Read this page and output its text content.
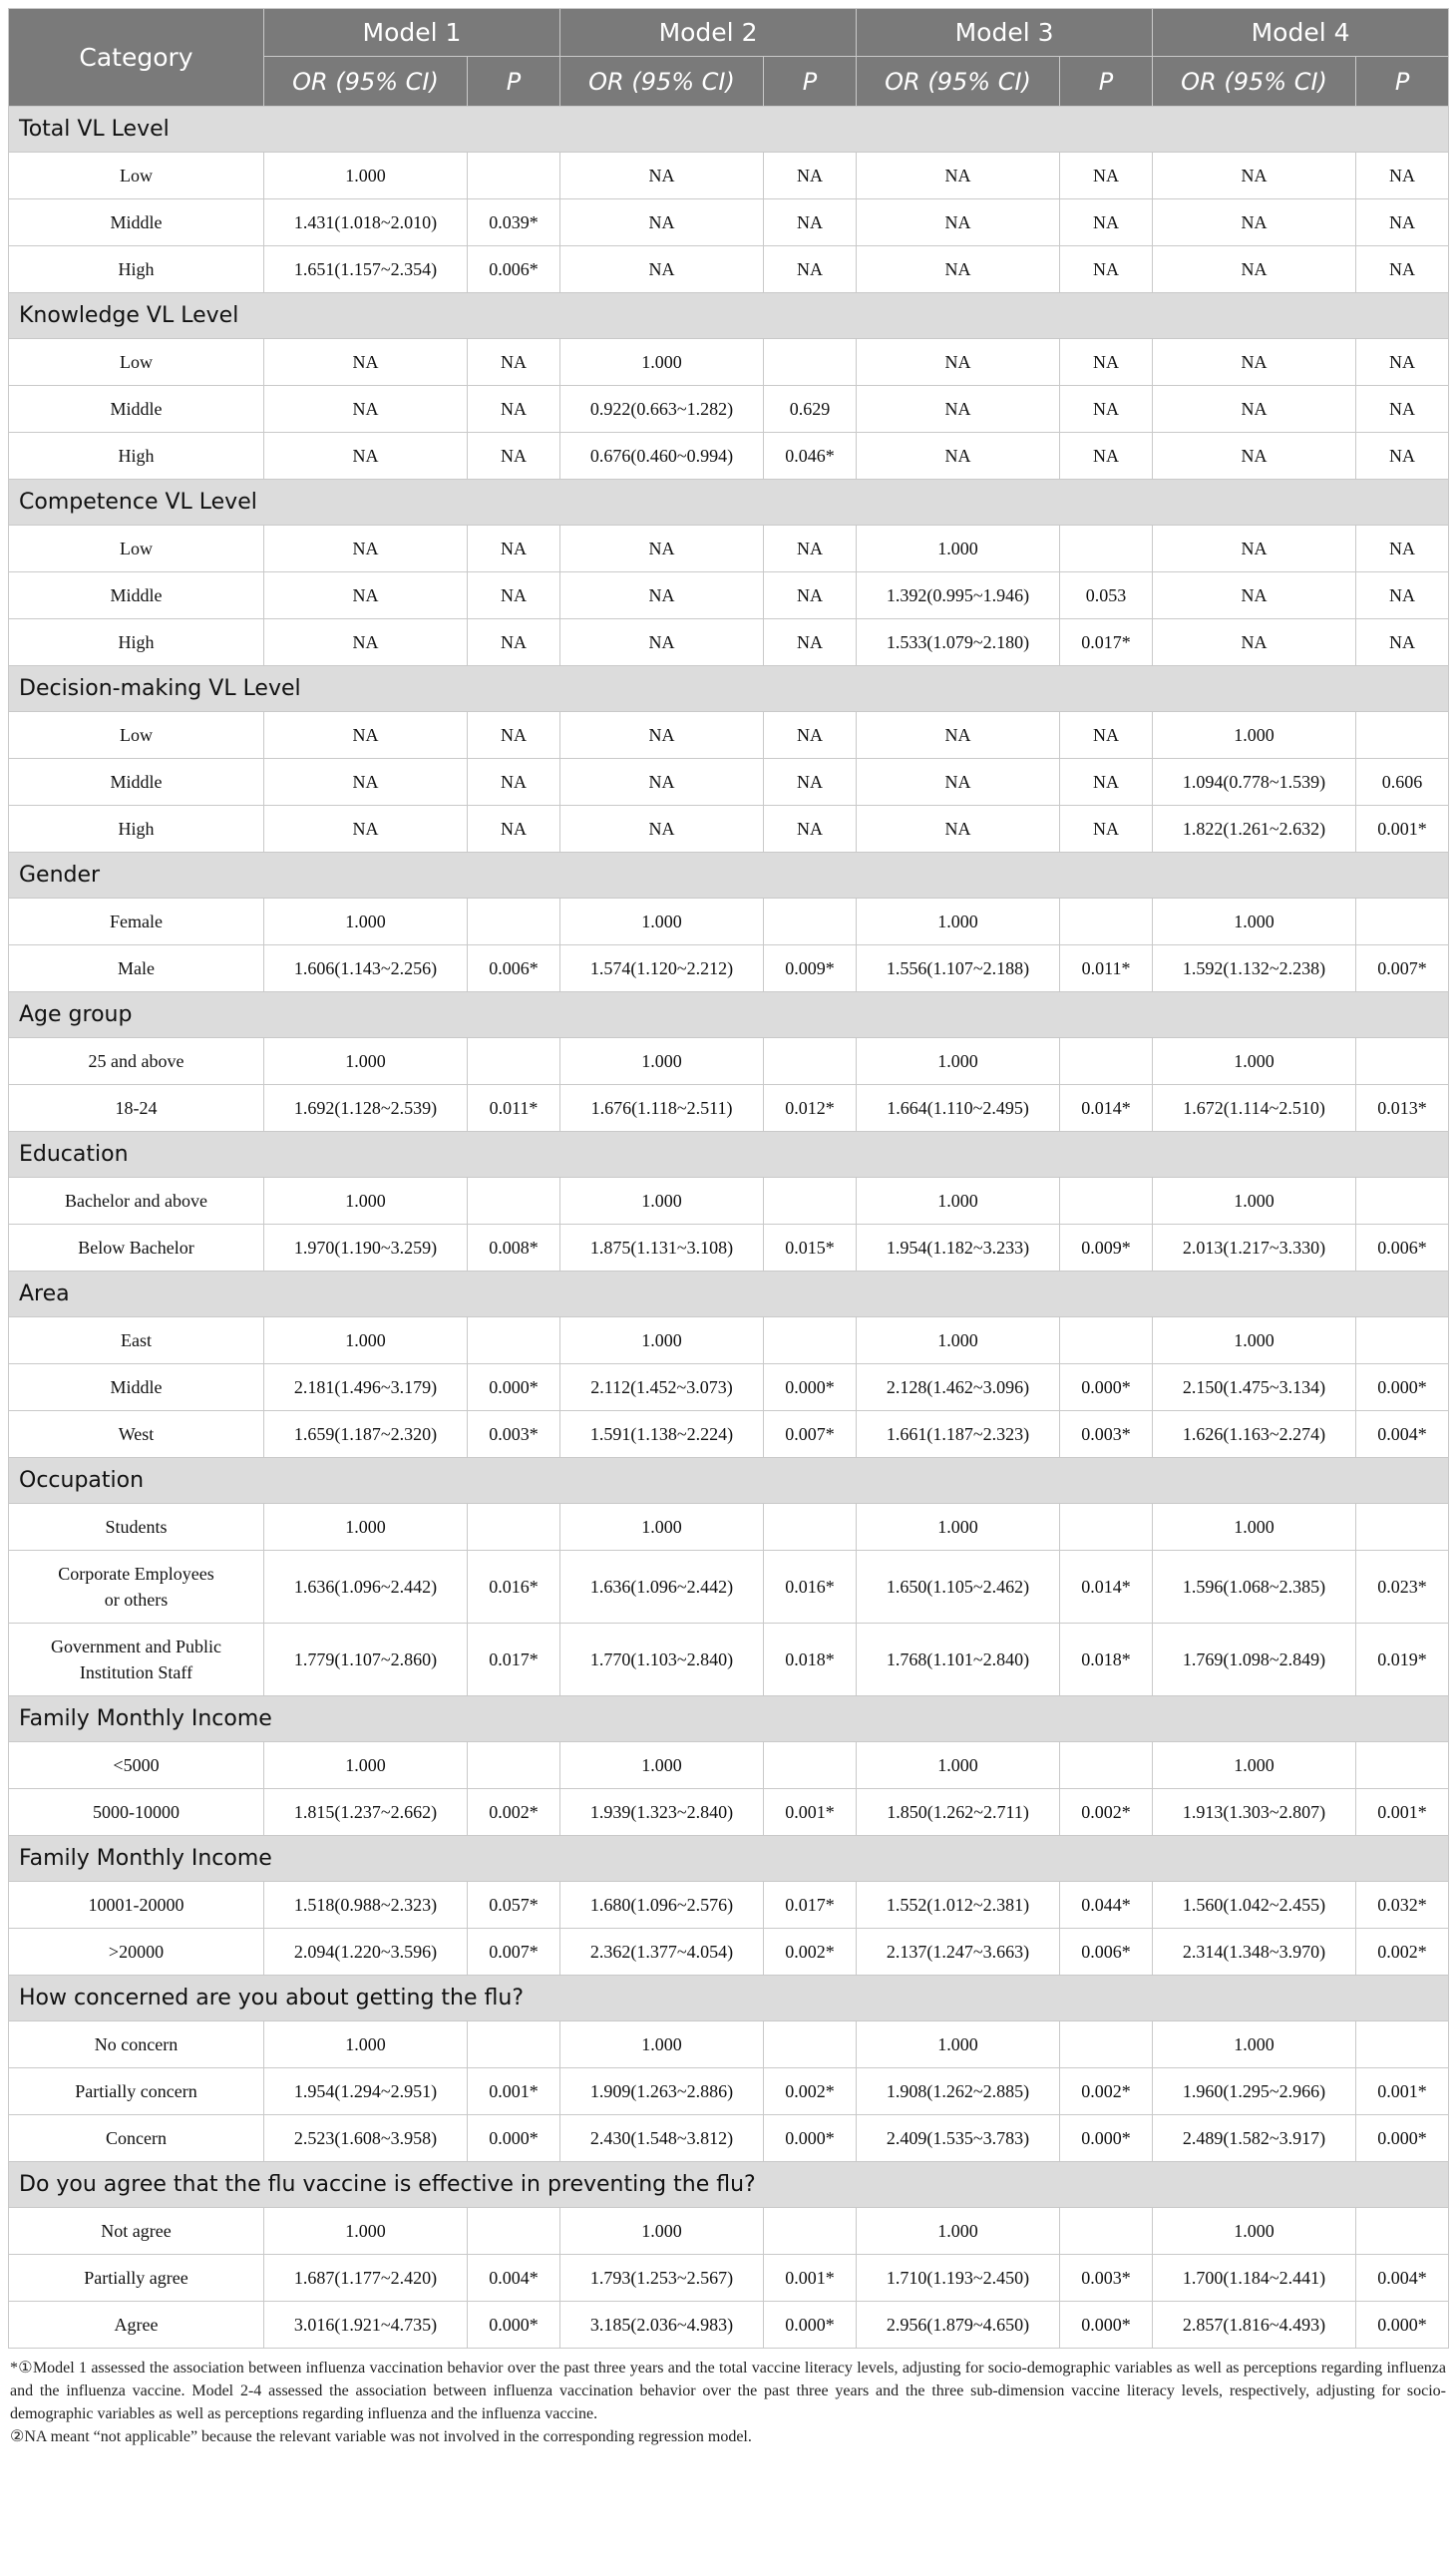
Category	Model 1		Model 2		Model 3		Model 4	
	OR (95% CI)	P	OR (95% CI)	P	OR (95% CI)	P	OR (95% CI)	P
Total VL Level								
Low	1.000		NA	NA	NA	NA	NA	NA
Middle	1.431(1.018~2.010)	0.039*	NA	NA	NA	NA	NA	NA
High	1.651(1.157~2.354)	0.006*	NA	NA	NA	NA	NA	NA
Knowledge VL Level								
Low	NA	NA	1.000		NA	NA	NA	NA
Middle	NA	NA	0.922(0.663~1.282)	0.629	NA	NA	NA	NA
High	NA	NA	0.676(0.460~0.994)	0.046*	NA	NA	NA	NA
Competence VL Level								
Low	NA	NA	NA	NA	1.000		NA	NA
Middle	NA	NA	NA	NA	1.392(0.995~1.946)	0.053	NA	NA
High	NA	NA	NA	NA	1.533(1.079~2.180)	0.017*	NA	NA
Decision-making VL Level								
Low	NA	NA	NA	NA	NA	NA	1.000	
Middle	NA	NA	NA	NA	NA	NA	1.094(0.778~1.539)	0.606
High	NA	NA	NA	NA	NA	NA	1.822(1.261~2.632)	0.001*
Gender								
Female	1.000		1.000		1.000		1.000	
Male	1.606(1.143~2.256)	0.006*	1.574(1.120~2.212)	0.009*	1.556(1.107~2.188)	0.011*	1.592(1.132~2.238)	0.007*
Age group								
25 and above	1.000		1.000		1.000		1.000	
18-24	1.692(1.128~2.539)	0.011*	1.676(1.118~2.511)	0.012*	1.664(1.110~2.495)	0.014*	1.672(1.114~2.510)	0.013*
Education								
Bachelor and above	1.000		1.000		1.000		1.000	
Below Bachelor	1.970(1.190~3.259)	0.008*	1.875(1.131~3.108)	0.015*	1.954(1.182~3.233)	0.009*	2.013(1.217~3.330)	0.006*
Area								
East	1.000		1.000		1.000		1.000	
Middle	2.181(1.496~3.179)	0.000*	2.112(1.452~3.073)	0.000*	2.128(1.462~3.096)	0.000*	2.150(1.475~3.134)	0.000*
West	1.659(1.187~2.320)	0.003*	1.591(1.138~2.224)	0.007*	1.661(1.187~2.323)	0.003*	1.626(1.163~2.274)	0.004*
Occupation								
Students	1.000		1.000		1.000		1.000	
Corporate Employees
or others	1.636(1.096~2.442)	0.016*	1.636(1.096~2.442)	0.016*	1.650(1.105~2.462)	0.014*	1.596(1.068~2.385)	0.023*
Government and Public
Institution Staff	1.779(1.107~2.860)	0.017*	1.770(1.103~2.840)	0.018*	1.768(1.101~2.840)	0.018*	1.769(1.098~2.849)	0.019*
Family Monthly Income								
<5000	1.000		1.000		1.000		1.000	
5000-10000	1.815(1.237~2.662)	0.002*	1.939(1.323~2.840)	0.001*	1.850(1.262~2.711)	0.002*	1.913(1.303~2.807)	0.001*
Family Monthly Income								
10001-20000	1.518(0.988~2.323)	0.057*	1.680(1.096~2.576)	0.017*	1.552(1.012~2.381)	0.044*	1.560(1.042~2.455)	0.032*
>20000	2.094(1.220~3.596)	0.007*	2.362(1.377~4.054)	0.002*	2.137(1.247~3.663)	0.006*	2.314(1.348~3.970)	0.002*
How concerned are you about getting the flu?								
No concern	1.000		1.000		1.000		1.000	
Partially concern	1.954(1.294~2.951)	0.001*	1.909(1.263~2.886)	0.002*	1.908(1.262~2.885)	0.002*	1.960(1.295~2.966)	0.001*
Concern	2.523(1.608~3.958)	0.000*	2.430(1.548~3.812)	0.000*	2.409(1.535~3.783)	0.000*	2.489(1.582~3.917)	0.000*
Do you agree that the flu vaccine is effective in preventing the flu?								
Not agree	1.000		1.000		1.000		1.000	
Partially agree	1.687(1.177~2.420)	0.004*	1.793(1.253~2.567)	0.001*	1.710(1.193~2.450)	0.003*	1.700(1.184~2.441)	0.004*
Agree	3.016(1.921~4.735)	0.000*	3.185(2.036~4.983)	0.000*	2.956(1.879~4.650)	0.000*	2.857(1.816~4.493)	0.000*

*①Model 1 assessed the association between influenza vaccination behavior over the past three years and the total vaccine literacy levels, adjusting for socio-demographic variables as well as perceptions regarding influenza and the influenza vaccine. Model 2-4 assessed the association between influenza vaccination behavior over the past three years and the three sub-dimension vaccine literacy levels, respectively, adjusting for socio-demographic variables as well as perceptions regarding influenza and the influenza vaccine.

②NA meant “not applicable” because the relevant variable was not involved in the corresponding regression model.
